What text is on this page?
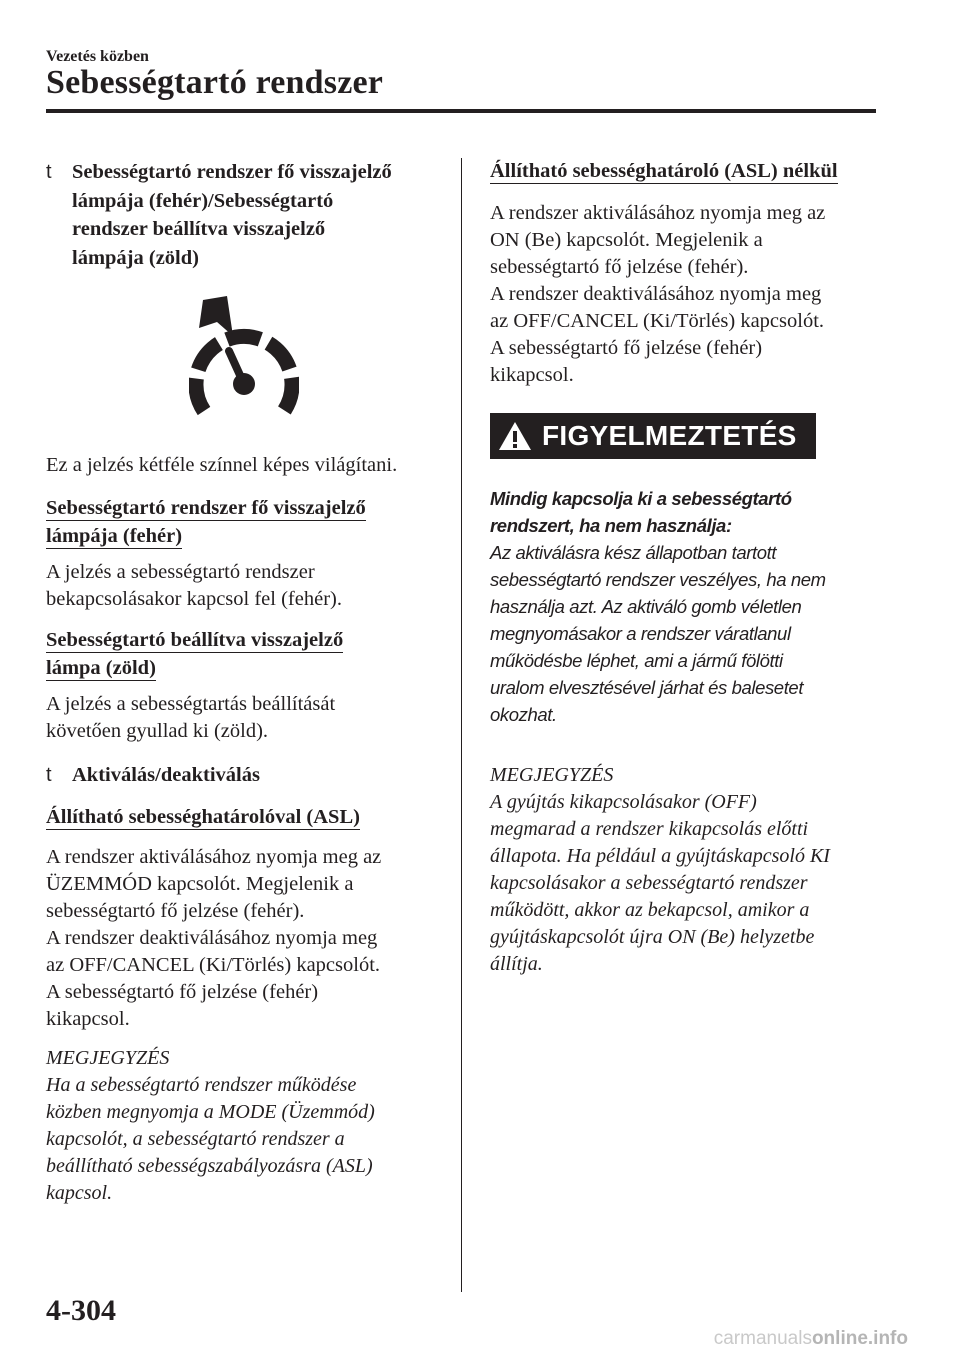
Vezetés közben
Sebességtartó rendszer
t Sebességtartó rendszer fő visszajelző
lámpája (fehér)/Sebességtartó
rendszer beállítva visszajelző
lámpája (zöld)
Ez a jelzés kétféle színnel képes világítani.
Sebességtartó rendszer fő visszajelző
lámpája (fehér)
A jelzés a sebességtartó rendszer
bekapcsolásakor kapcsol fel (fehér).
Sebességtartó beállítva visszajelző
lámpa (zöld)
A jelzés a sebességtartás beállítását
követően gyullad ki (zöld).
t Aktiválás/deaktiválás
Állítható sebességhatárolóval (ASL)
A rendszer aktiválásához nyomja meg az
ÜZEMMÓD kapcsolót. Megjelenik a
sebességtartó fő jelzése (fehér).
A rendszer deaktiválásához nyomja meg
az OFF/CANCEL (Ki/Törlés) kapcsolót.
A sebességtartó fő jelzése (fehér)
kikapcsol.
MEGJEGYZÉS
Ha a sebességtartó rendszer működése
közben megnyomja a MODE (Üzemmód)
kapcsolót, a sebességtartó rendszer a
beállítható sebességszabályozásra (ASL)
kapcsol.
Állítható sebességhatároló (ASL) nélkül
A rendszer aktiválásához nyomja meg az
ON (Be) kapcsolót. Megjelenik a
sebességtartó fő jelzése (fehér).
A rendszer deaktiválásához nyomja meg
az OFF/CANCEL (Ki/Törlés) kapcsolót.
A sebességtartó fő jelzése (fehér)
kikapcsol.
FIGYELMEZTETÉS
Mindig kapcsolja ki a sebességtartó
rendszert, ha nem használja:
Az aktiválásra kész állapotban tartott
sebességtartó rendszer veszélyes, ha nem
használja azt. Az aktiváló gomb véletlen
megnyomásakor a rendszer váratlanul
működésbe léphet, ami a jármű fölötti
uralom elvesztésével járhat és balesetet
okozhat.
MEGJEGYZÉS
A gyújtás kikapcsolásakor (OFF)
megmarad a rendszer kikapcsolás előtti
állapota. Ha például a gyújtáskapcsoló KI
kapcsolásakor a sebességtartó rendszer
működött, akkor az bekapcsol, amikor a
gyújtáskapcsolót újra ON (Be) helyzetbe
állítja.
4-304
carmanualsonline.info
